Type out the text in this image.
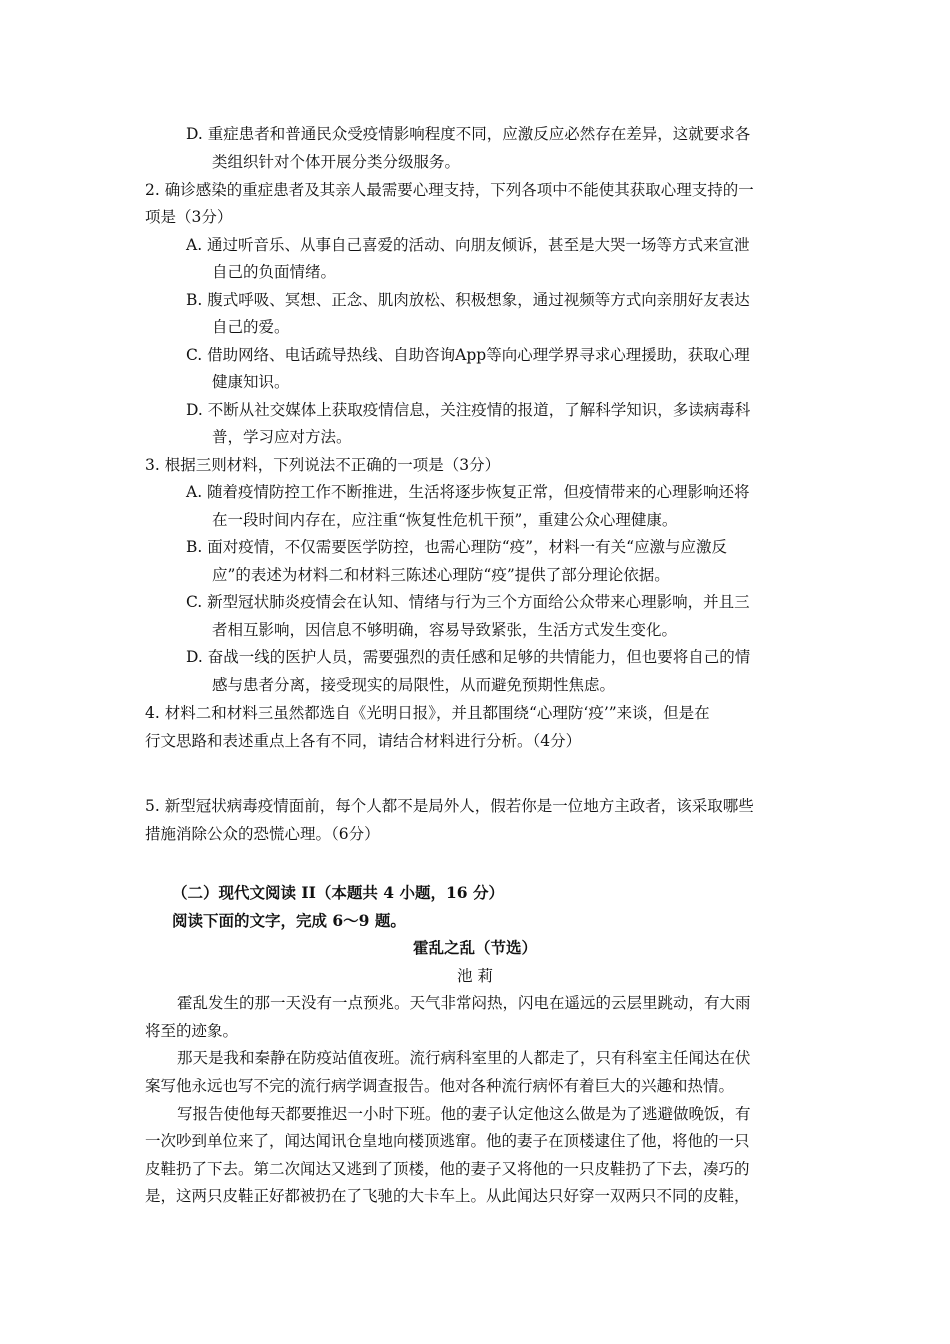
D. 重症患者和普通民众受疫情影响程度不同，应激反应必然存在差异，这就要求各
类组织针对个体开展分类分级服务。
2. 确诊感染的重症患者及其亲人最需要心理支持，下列各项中不能使其获取心理支持的一
项是（3分）
A. 通过听音乐、从事自己喜爱的活动、向朋友倾诉，甚至是大哭一场等方式来宣泄
自己的负面情绪。
B. 腹式呼吸、冥想、正念、肌肉放松、积极想象，通过视频等方式向亲朋好友表达
自己的爱。
C. 借助网络、电话疏导热线、自助咨询App等向心理学界寻求心理援助，获取心理
健康知识。
D. 不断从社交媒体上获取疫情信息，关注疫情的报道，了解科学知识，多读病毒科
普，学习应对方法。
3. 根据三则材料，下列说法不正确的一项是（3分）
A. 随着疫情防控工作不断推进，生活将逐步恢复正常，但疫情带来的心理影响还将
在一段时间内存在，应注重“恢复性危机干预”，重建公众心理健康。
B. 面对疫情，不仅需要医学防控，也需心理防“疫”，材料一有关“应激与应激反
应”的表述为材料二和材料三陈述心理防“疫”提供了部分理论依据。
C. 新型冠状肺炎疫情会在认知、情绪与行为三个方面给公众带来心理影响，并且三
者相互影响，因信息不够明确，容易导致紧张，生活方式发生变化。
D. 奋战一线的医护人员，需要强烈的责任感和足够的共情能力，但也要将自己的情
感与患者分离，接受现实的局限性，从而避免预期性焦虑。
4. 材料二和材料三虽然都选自《光明日报》，并且都围绕“心理防‘疫’”来谈，但是在
行文思路和表述重点上各有不同，请结合材料进行分析。（4分）
5. 新型冠状病毒疫情面前，每个人都不是局外人，假若你是一位地方主政者，该采取哪些
措施消除公众的恐慌心理。（6分）
（二）现代文阅读 II（本题共 4 小题，16 分）
阅读下面的文字，完成 6～9 题。
霍乱之乱（节选）
池 莉
霍乱发生的那一天没有一点预兆。天气非常闷热，闪电在遥远的云层里跳动，有大雨
将至的迹象。
那天是我和秦静在防疫站值夜班。流行病科室里的人都走了，只有科室主任闻达在伏
案写他永远也写不完的流行病学调查报告。他对各种流行病怀有着巨大的兴趣和热情。
写报告使他每天都要推迟一小时下班。他的妻子认定他这么做是为了逃避做晚饭，有
一次吵到单位来了，闻达闻讯仓皇地向楼顶逃窜。他的妻子在顶楼逮住了他，将他的一只
皮鞋扔了下去。第二次闻达又逃到了顶楼，他的妻子又将他的一只皮鞋扔了下去，凑巧的
是，这两只皮鞋正好都被扔在了飞驰的大卡车上。从此闻达只好穿一双两只不同的皮鞋，
